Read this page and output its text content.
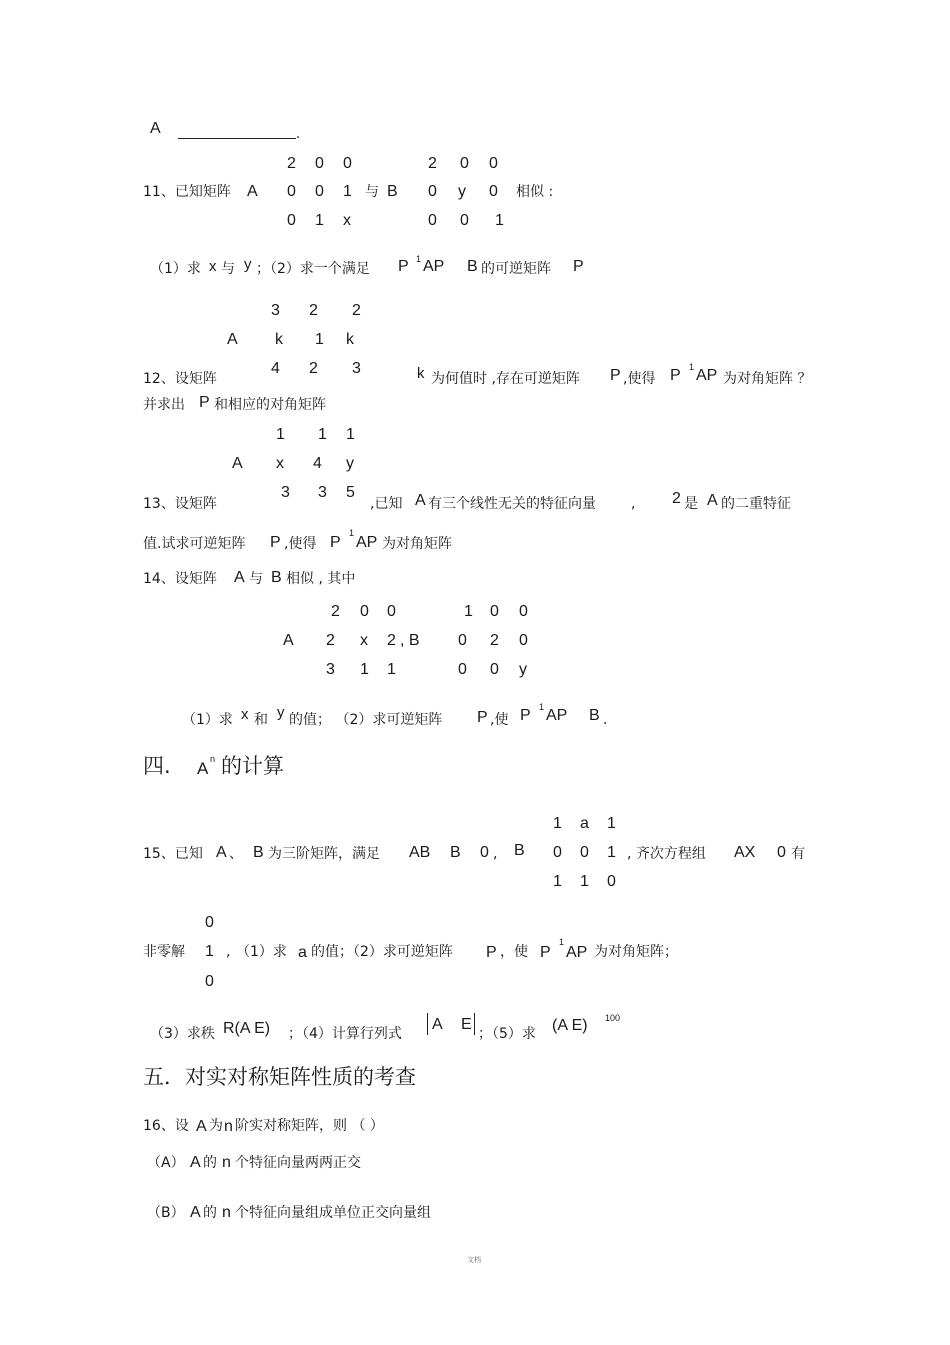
A	.
2 0 0
0 0 1
0 1 x
2 0 0
0 y 0
0 0 1
11、已知矩阵 A	与 B	相似 :
（1）求 x 与 y ；（2）求一个满足 P 1 AP B 的可逆矩阵 P
3 2 2
k 1 k
4 2 3
A
12、设矩阵	k 为何值时 ,存在可逆矩阵 P ,使得 P 1 AP 为对角矩阵 ？
并求出 P 和相应的对角矩阵
1 1 1
x 4 y
3 3 5
A
13、设矩阵	,已知 A 有三个线性无关的特征向量	, 2 是 A 的二重特征
值.试求可逆矩阵 P ,使得 P
1
AP 为对角矩阵
14、设矩阵 A 与 B 相似 , 其中
2 0 0
2 x 2
3 1 1
A	, B
1 0 0
0 2 0
0 0 y
（1）求 x 和 y 的值； （2）求可逆矩阵 P ,使 P 1 AP B .
四. A n 的计算
1 a 1
0 0 1
1 1 0
15、已知 A 、 B 为三阶矩阵，满足 AB B 0 , B	, 齐次方程组 AX 0 有
0
1
0
非零解	, （1）求 a 的值；（2）求可逆矩阵 P ，使 P
1
AP 为对角矩阵；
（3）求秩 R(A E) ；（4）计算行列式
A E
；（5）求 (A E) 100
五．对实对称矩阵性质的考查
16、设 A 为 n 阶实对称矩阵，则 （ ）
（A） A 的 n 个特征向量两两正交
（B） A 的 n 个特征向量组成单位正交向量组
文档
